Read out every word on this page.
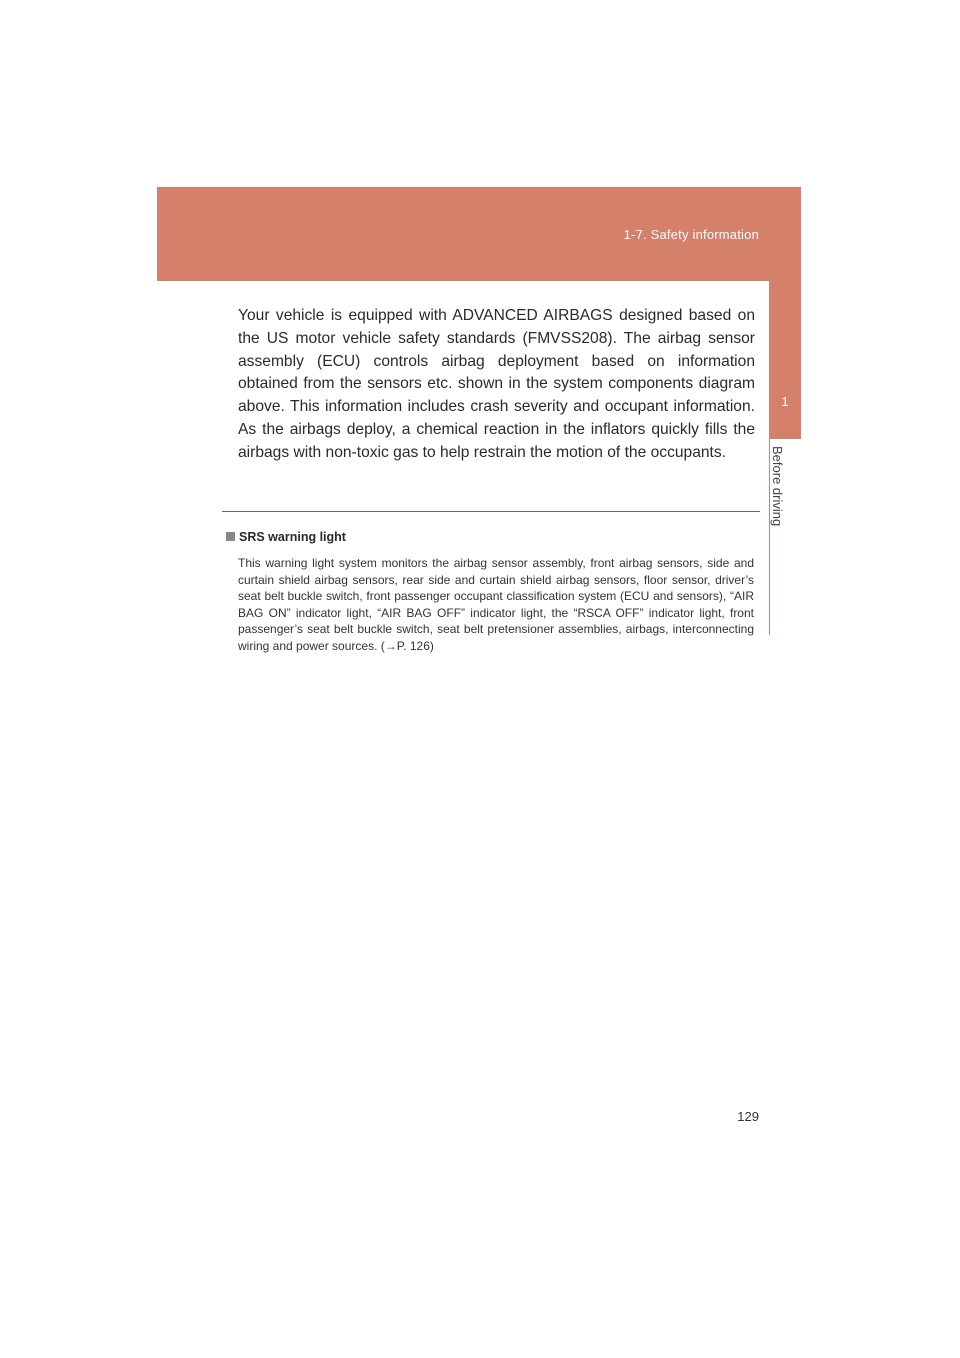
1-7. Safety information
1
Before driving

Your vehicle is equipped with ADVANCED AIRBAGS designed based on the US motor vehicle safety standards (FMVSS208). The airbag sensor assembly (ECU) controls airbag deployment based on information obtained from the sensors etc. shown in the system components diagram above. This information includes crash severity and occupant information. As the airbags deploy, a chemical reaction in the inflators quickly fills the airbags with non-toxic gas to help restrain the motion of the occupants.

SRS warning light

This warning light system monitors the airbag sensor assembly, front airbag sensors, side and curtain shield airbag sensors, rear side and curtain shield airbag sensors, floor sensor, driver’s seat belt buckle switch, front passenger occupant classification system (ECU and sensors), “AIR BAG ON” indicator light, “AIR BAG OFF” indicator light, the “RSCA OFF” indicator light, front passenger’s seat belt buckle switch, seat belt pretensioner assemblies, airbags, interconnecting wiring and power sources. (→P. 126)

129
